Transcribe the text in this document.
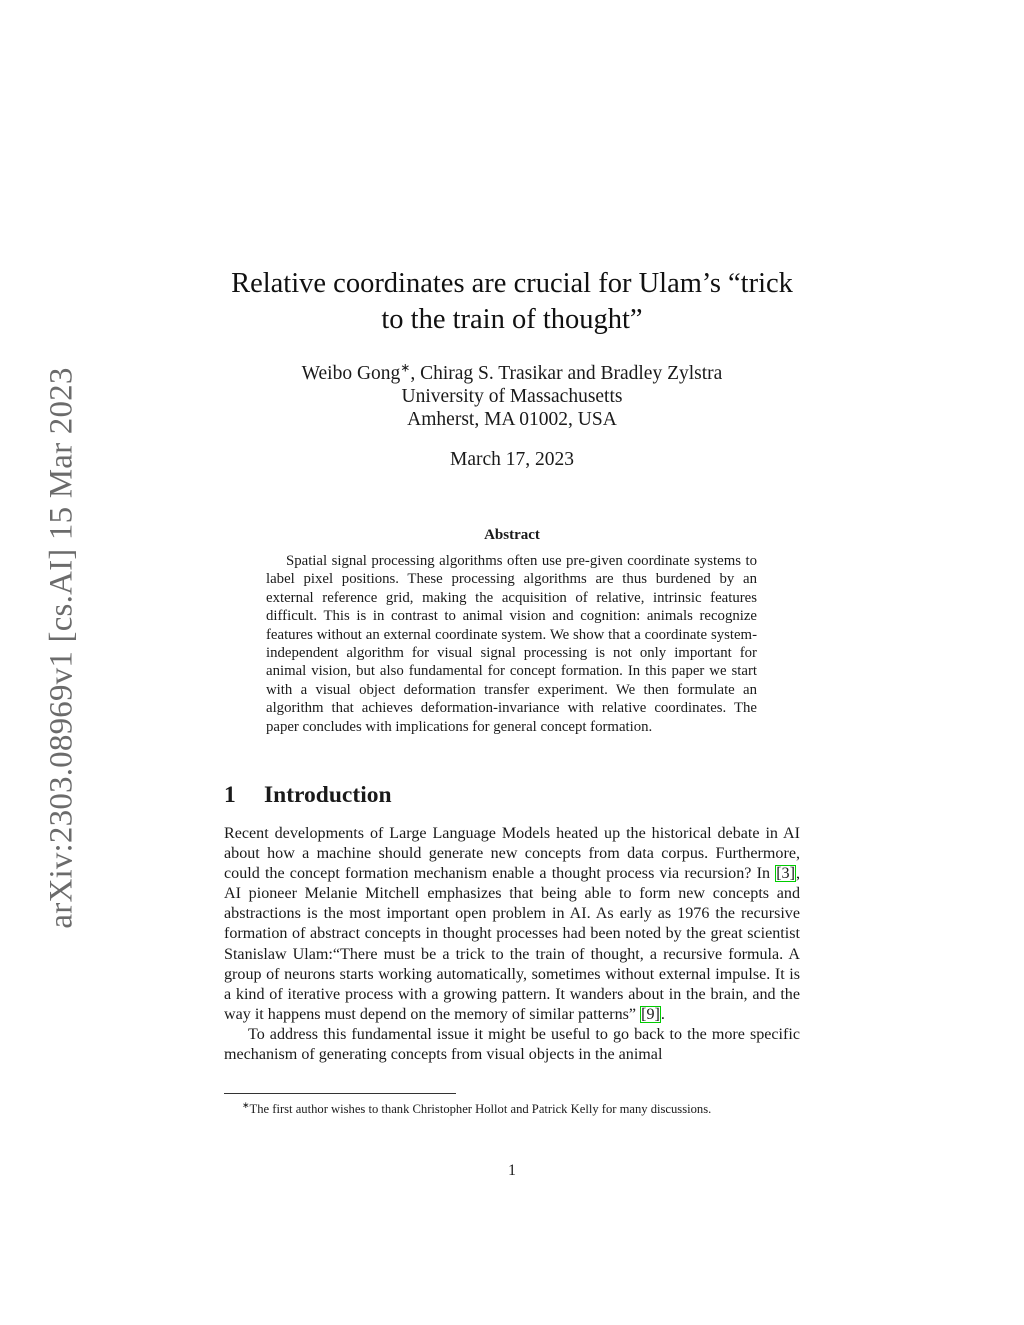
arXiv:2303.08969v1 [cs.AI] 15 Mar 2023
Relative coordinates are crucial for Ulam’s “trick
to the train of thought”
Weibo Gong∗, Chirag S. Trasikar and Bradley Zylstra
University of Massachusetts
Amherst, MA 01002, USA
March 17, 2023
Abstract
Spatial signal processing algorithms often use pre-given coordinate systems to label pixel positions. These processing algorithms are thus burdened by an external reference grid, making the acquisition of relative, intrinsic features difficult. This is in contrast to animal vision and cognition: animals recognize features without an external coordinate system. We show that a coordinate system-independent algorithm for visual signal processing is not only important for animal vision, but also fundamental for concept formation. In this paper we start with a visual object deformation transfer experiment. We then formulate an algorithm that achieves deformation-invariance with relative coordinates. The paper concludes with implications for general concept formation.
1 Introduction

Recent developments of Large Language Models heated up the historical debate in AI about how a machine should generate new concepts from data corpus. Furthermore, could the concept formation mechanism enable a thought process via recursion? In [3], AI pioneer Melanie Mitchell emphasizes that being able to form new concepts and abstractions is the most important open problem in AI. As early as 1976 the recursive formation of abstract concepts in thought processes had been noted by the great scientist Stanislaw Ulam:“There must be a trick to the train of thought, a recursive formula. A group of neurons starts working automatically, sometimes without external impulse. It is a kind of iterative process with a growing pattern. It wanders about in the brain, and the way it happens must depend on the memory of similar patterns” [9].

To address this fundamental issue it might be useful to go back to the more specific mechanism of generating concepts from visual objects in the animal

∗The first author wishes to thank Christopher Hollot and Patrick Kelly for many discussions.
1
